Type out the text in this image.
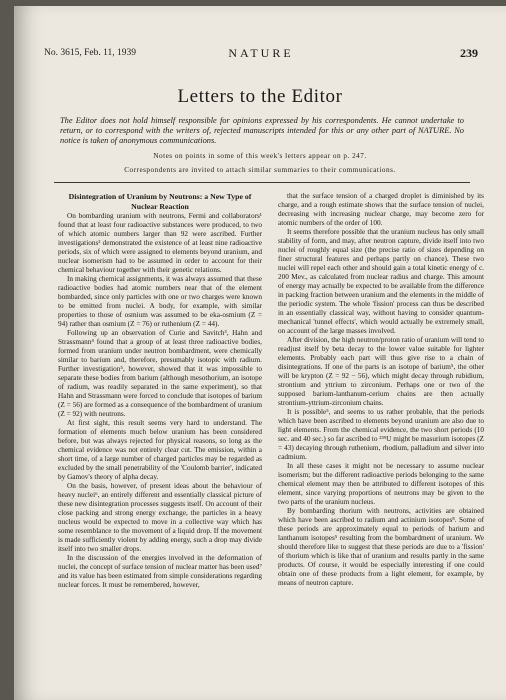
No. 3615, Feb. 11, 1939	NATURE	239
Letters to the Editor
The Editor does not hold himself responsible for opinions expressed by his correspondents. He cannot undertake to return, or to correspond with the writers of, rejected manuscripts intended for this or any other part of NATURE. No notice is taken of anonymous communications.
Notes on points in some of this week's letters appear on p. 247.
Correspondents are invited to attach similar summaries to their communications.

Disintegration of Uranium by Neutrons: a New Type of Nuclear Reaction

On bombarding uranium with neutrons, Fermi and collaborators¹ found that at least four radioactive substances were produced, to two of which atomic numbers larger than 92 were ascribed. Further investigations² demonstrated the existence of at least nine radioactive periods, six of which were assigned to elements beyond uranium, and nuclear isomerism had to be assumed in order to account for their chemical behaviour together with their genetic relations.

In making chemical assignments, it was always assumed that these radioactive bodies had atomic numbers near that of the element bombarded, since only particles with one or two charges were known to be emitted from nuclei. A body, for example, with similar properties to those of osmium was assumed to be eka-osmium (Z = 94) rather than osmium (Z = 76) or ruthenium (Z = 44).

Following up an observation of Curie and Savitch³, Hahn and Strassmann⁴ found that a group of at least three radioactive bodies, formed from uranium under neutron bombardment, were chemically similar to barium and, therefore, presumably isotopic with radium. Further investigation⁵, however, showed that it was impossible to separate these bodies from barium (although mesothorium, an isotope of radium, was readily separated in the same experiment), so that Hahn and Strassmann were forced to conclude that isotopes of barium (Z = 56) are formed as a consequence of the bombardment of uranium (Z = 92) with neutrons.

At first sight, this result seems very hard to understand. The formation of elements much below uranium has been considered before, but was always rejected for physical reasons, so long as the chemical evidence was not entirely clear cut. The emission, within a short time, of a large number of charged particles may be regarded as excluded by the small penetrability of the 'Coulomb barrier', indicated by Gamov's theory of alpha decay.

On the basis, however, of present ideas about the behaviour of heavy nuclei⁶, an entirely different and essentially classical picture of these new disintegration processes suggests itself. On account of their close packing and strong energy exchange, the particles in a heavy nucleus would be expected to move in a collective way which has some resemblance to the movement of a liquid drop. If the movement is made sufficiently violent by adding energy, such a drop may divide itself into two smaller drops.

In the discussion of the energies involved in the deformation of nuclei, the concept of surface tension of nuclear matter has been used⁷ and its value has been estimated from simple considerations regarding nuclear forces. It must be remembered, however,

that the surface tension of a charged droplet is diminished by its charge, and a rough estimate shows that the surface tension of nuclei, decreasing with increasing nuclear charge, may become zero for atomic numbers of the order of 100.

It seems therefore possible that the uranium nucleus has only small stability of form, and may, after neutron capture, divide itself into two nuclei of roughly equal size (the precise ratio of sizes depending on finer structural features and perhaps partly on chance). These two nuclei will repel each other and should gain a total kinetic energy of c. 200 Mev., as calculated from nuclear radius and charge. This amount of energy may actually be expected to be available from the difference in packing fraction between uranium and the elements in the middle of the periodic system. The whole 'fission' process can thus be described in an essentially classical way, without having to consider quantum-mechanical 'tunnel effects', which would actually be extremely small, on account of the large masses involved.

After division, the high neutron/proton ratio of uranium will tend to readjust itself by beta decay to the lower value suitable for lighter elements. Probably each part will thus give rise to a chain of disintegrations. If one of the parts is an isotope of barium⁵, the other will be krypton (Z = 92 − 56), which might decay through rubidium, strontium and yttrium to zirconium. Perhaps one or two of the supposed barium-lanthanum-cerium chains are then actually strontium-yttrium-zirconium chains.

It is possible⁵, and seems to us rather probable, that the periods which have been ascribed to elements beyond uranium are also due to light elements. From the chemical evidence, the two short periods (10 sec. and 40 sec.) so far ascribed to ²³⁹U might be masurium isotopes (Z = 43) decaying through ruthenium, rhodium, palladium and silver into cadmium.

In all these cases it might not be necessary to assume nuclear isomerism; but the different radioactive periods belonging to the same chemical element may then be attributed to different isotopes of this element, since varying proportions of neutrons may be given to the two parts of the uranium nucleus.

By bombarding thorium with neutrons, activities are obtained which have been ascribed to radium and actinium isotopes⁸. Some of these periods are approximately equal to periods of barium and lanthanum isotopes⁵ resulting from the bombardment of uranium. We should therefore like to suggest that these periods are due to a 'fission' of thorium which is like that of uranium and results partly in the same products. Of course, it would be especially interesting if one could obtain one of these products from a light element, for example, by means of neutron capture.
